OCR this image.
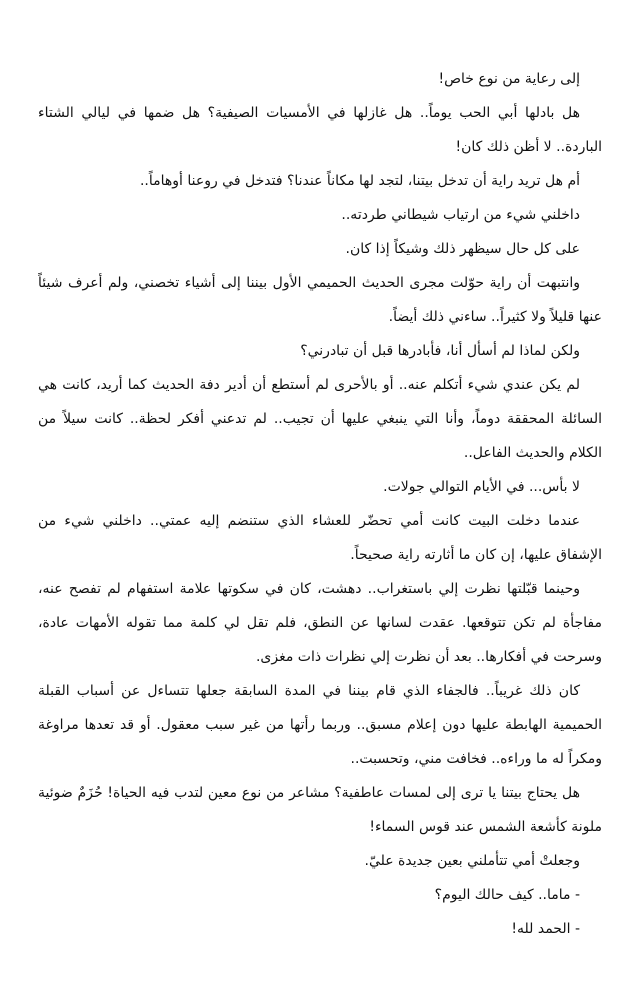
إلى رعاية من نوع خاص!

هل بادلها أبي الحب يوماً.. هل غازلها في الأمسيات الصيفية؟ هل ضمها في ليالي الشتاء الباردة.. لا أظن ذلك كان!

أم هل تريد راية أن تدخل بيتنا، لتجد لها مكاناً عندنا؟ فتدخل في روعنا أوهاماً..

داخلني شيء من ارتياب شيطاني طردته..

على كل حال سيظهر ذلك وشيكاً إذا كان.

وانتبهت أن راية حوّلت مجرى الحديث الحميمي الأول بيننا إلى أشياء تخصني، ولم أعرف شيئاً عنها قليلاً ولا كثيراً.. ساءني ذلك أيضاً.

ولكن لماذا لم أسأل أنا، فأبادرها قبل أن تبادرني؟

لم يكن عندي شيء أتكلم عنه.. أو بالأحرى لم أستطع أن أدير دفة الحديث كما أريد، كانت هي السائلة المحققة دوماً، وأنا التي ينبغي عليها أن تجيب.. لم تدعني أفكر لحظة.. كانت سيلاً من الكلام والحديث الفاعل..

لا بأس... في الأيام التوالي جولات.

عندما دخلت البيت كانت أمي تحضّر للعشاء الذي ستنضم إليه عمتي.. داخلني شيء من الإشفاق عليها، إن كان ما أثارته راية صحيحاً.

وحينما قبّلتها نظرت إلي باستغراب.. دهشت، كان في سكوتها علامة استفهام لم تفصح عنه، مفاجأة لم تكن تتوقعها. عقدت لسانها عن النطق، فلم تقل لي كلمة مما تقوله الأمهات عادة، وسرحت في أفكارها.. بعد أن نظرت إلي نظرات ذات مغزى.

كان ذلك غريباً.. فالجفاء الذي قام بيننا في المدة السابقة جعلها تتساءل عن أسباب القبلة الحميمية الهابطة عليها دون إعلام مسبق.. وربما رأتها من غير سبب معقول. أو قد تعدها مراوغة ومكراً له ما وراءه.. فخافت مني، وتحسبت..

هل يحتاج بيتنا يا ترى إلى لمسات عاطفية؟ مشاعر من نوع معين لتدب فيه الحياة! حُزَمٌ ضوئية ملونة كأشعة الشمس عند قوس السماء!

وجعلتْ أمي تتأملني بعين جديدة عليّ.

- ماما.. كيف حالك اليوم؟

- الحمد لله!
